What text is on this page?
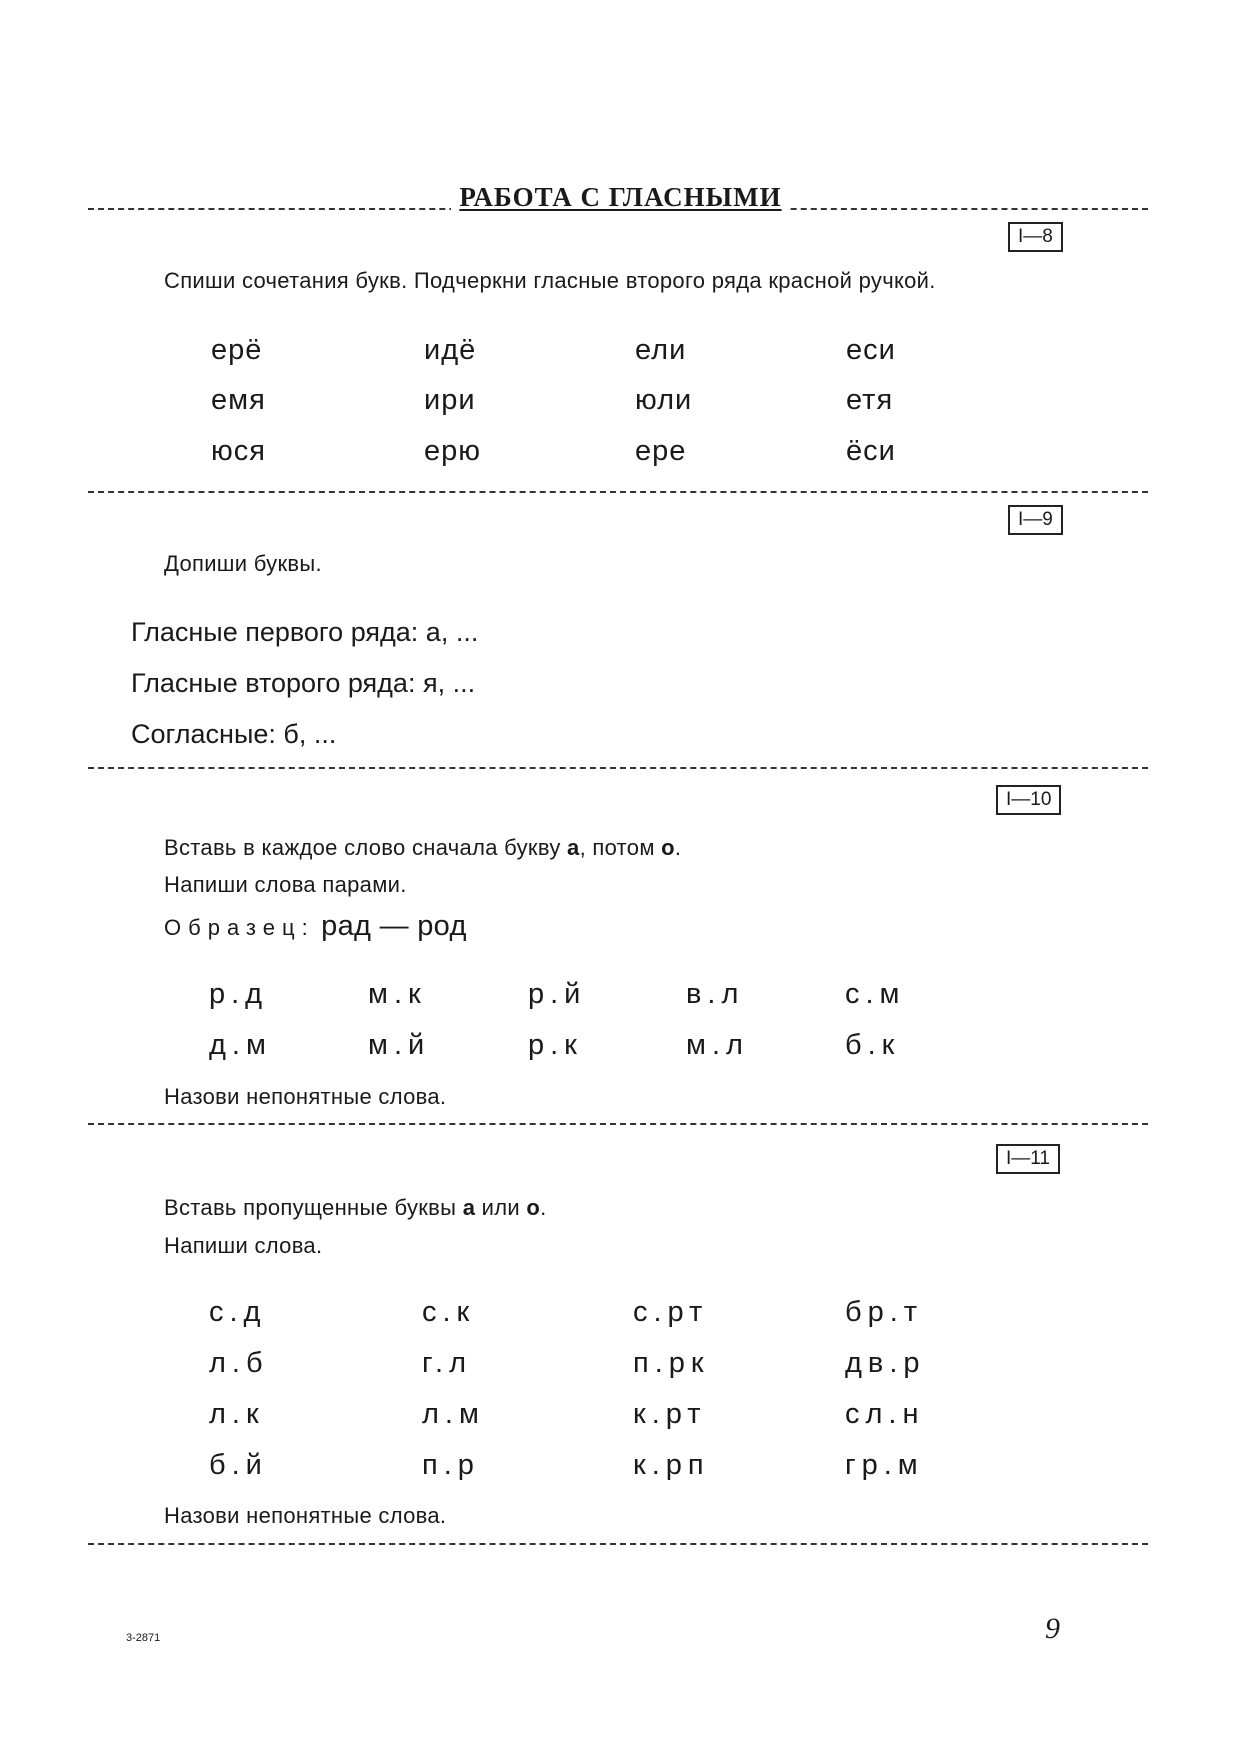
РАБОТА С ГЛАСНЫМИ
I—8
Спиши сочетания букв. Подчеркни гласные второго ряда красной ручкой.
ерё	идё	ели	еси
емя	ири	юли	етя
юся	ерю	ере	ёси
I—9
Допиши буквы.
Гласные первого ряда: а, ...
Гласные второго ряда: я, ...
Согласные: б, ...
I—10
Вставь в каждое слово сначала букву а, потом о.
Напиши слова парами.
Образец: рад — род
р.д	м.к	р.й	в.л	с.м
д.м	м.й	р.к	м.л	б.к
Назови непонятные слова.
I—11
Вставь пропущенные буквы а или о.
Напиши слова.
с.д	с.к	с.рт	бр.т
л.б	г.л	п.рк	дв.р
л.к	л.м	к.рт	сл.н
б.й	п.р	к.рп	гр.м
Назови непонятные слова.
3-2871	9
